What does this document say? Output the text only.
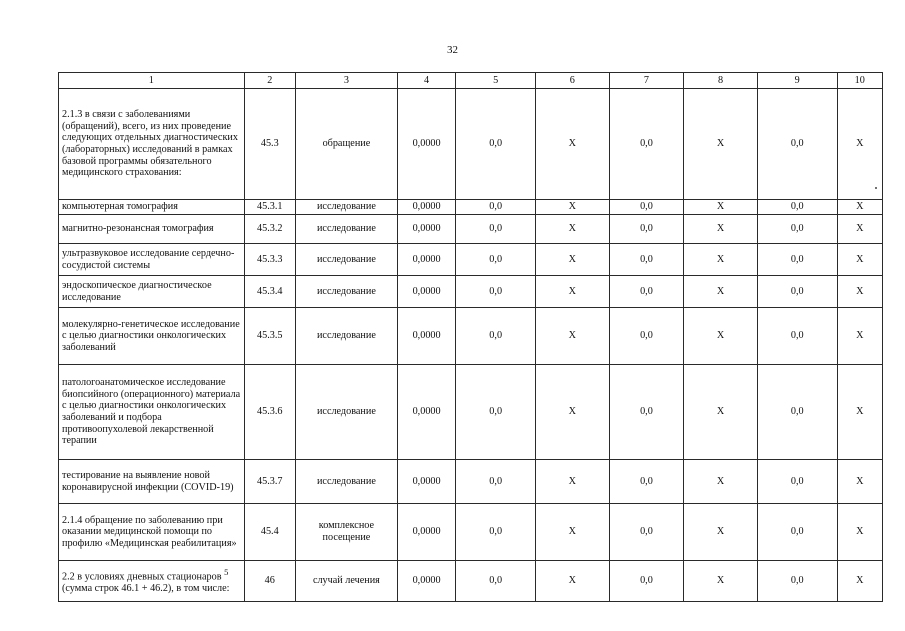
32
1	2	3	4	5	6	7	8	9	10
2.1.3 в связи с заболеваниями (обращений), всего, из них проведение следующих отдельных диагностических (лабораторных) исследований в рамках базовой программы обязательного медицинского страхования:	45.3	обращение	0,0000	0,0	Х	0,0	Х	0,0	Х
компьютерная томография	45.3.1	исследование	0,0000	0,0	Х	0,0	Х	0,0	Х
магнитно-резонансная томография	45.3.2	исследование	0,0000	0,0	Х	0,0	Х	0,0	Х
ультразвуковое исследование сердечно-сосудистой системы	45.3.3	исследование	0,0000	0,0	Х	0,0	Х	0,0	Х
эндоскопическое диагностическое исследование	45.3.4	исследование	0,0000	0,0	Х	0,0	Х	0,0	Х
молекулярно-генетическое исследование с целью диагностики онкологических заболеваний	45.3.5	исследование	0,0000	0,0	Х	0,0	Х	0,0	Х
патологоанатомическое исследование биопсийного (операционного) материала с целью диагностики онкологических заболеваний и подбора противоопухолевой лекарственной терапии	45.3.6	исследование	0,0000	0,0	Х	0,0	Х	0,0	Х
тестирование на выявление новой коронавирусной инфекции (COVID-19)	45.3.7	исследование	0,0000	0,0	Х	0,0	Х	0,0	Х
2.1.4 обращение по заболеванию при оказании медицинской помощи по профилю «Медицинская реабилитация»	45.4	комплексное посещение	0,0000	0,0	Х	0,0	Х	0,0	Х
2.2 в условиях дневных стационаров $^5$ (сумма строк 46.1 + 46.2), в том числе:	46	случай лечения	0,0000	0,0	Х	0,0	Х	0,0	Х
